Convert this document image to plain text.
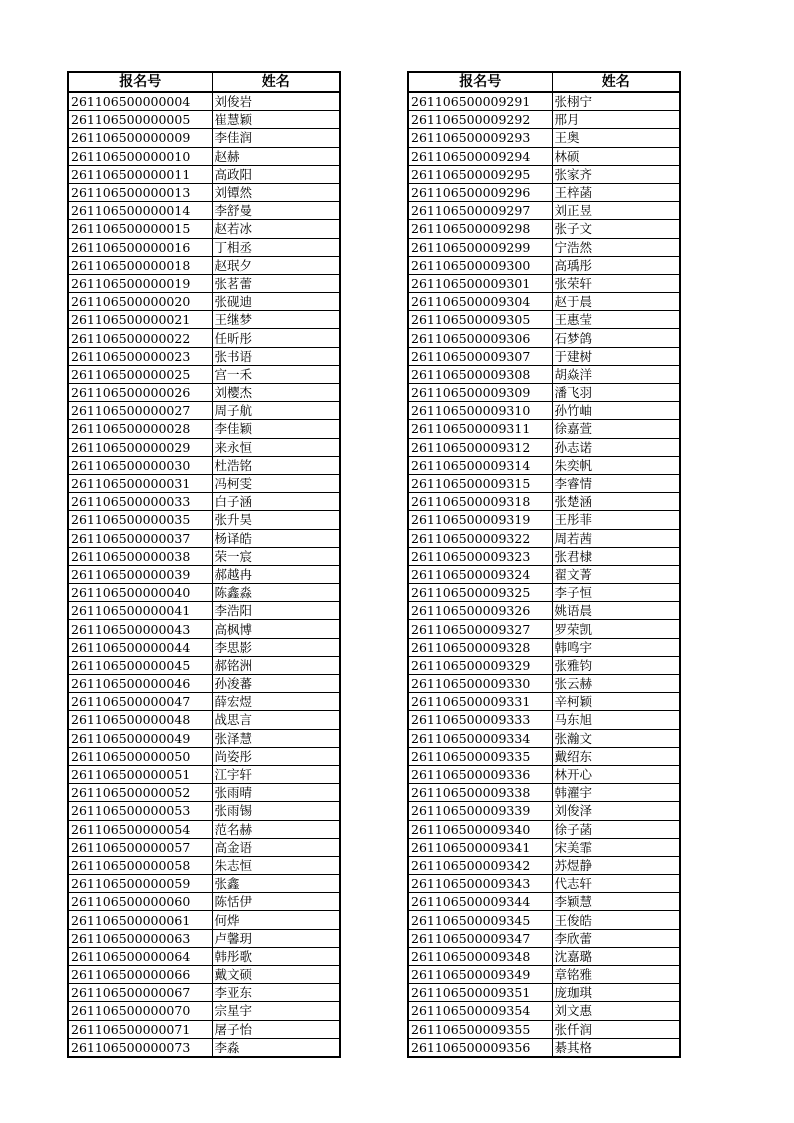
报名号	姓名
261106500000004	刘俊岩
261106500000005	崔慧颖
261106500000009	李佳润
261106500000010	赵赫
261106500000011	高政阳
261106500000013	刘镡然
261106500000014	李舒曼
261106500000015	赵若冰
261106500000016	丁相丞
261106500000018	赵珉夕
261106500000019	张茗蕾
261106500000020	张砚迪
261106500000021	王继梦
261106500000022	任昕彤
261106500000023	张书语
261106500000025	宫一禾
261106500000026	刘樱杰
261106500000027	周子航
261106500000028	李佳颖
261106500000029	来永恒
261106500000030	杜浩铭
261106500000031	冯柯雯
261106500000033	白子涵
261106500000035	张升昊
261106500000037	杨译皓
261106500000038	荣一宸
261106500000039	郝越冉
261106500000040	陈鑫淼
261106500000041	李浩阳
261106500000043	高枫博
261106500000044	李思影
261106500000045	郝铭洲
261106500000046	孙浚蕃
261106500000047	薛宏煜
261106500000048	战思言
261106500000049	张泽慧
261106500000050	尚姿彤
261106500000051	江宇轩
261106500000052	张雨晴
261106500000053	张雨锡
261106500000054	范名赫
261106500000057	高金语
261106500000058	朱志恒
261106500000059	张鑫
261106500000060	陈恬伊
261106500000061	何烨
261106500000063	卢馨玥
261106500000064	韩彤歌
261106500000066	戴文硕
261106500000067	李亚东
261106500000070	宗星宇
261106500000071	屠子怡
261106500000073	李淼
报名号	姓名
261106500009291	张栩宁
261106500009292	邢月
261106500009293	王奥
261106500009294	林硕
261106500009295	张家齐
261106500009296	王梓菡
261106500009297	刘正昱
261106500009298	张子文
261106500009299	宁浩然
261106500009300	高瑀彤
261106500009301	张荣轩
261106500009304	赵于晨
261106500009305	王惠莹
261106500009306	石梦鸽
261106500009307	于建树
261106500009308	胡焱洋
261106500009309	潘飞羽
261106500009310	孙竹岫
261106500009311	徐嘉萱
261106500009312	孙志诺
261106500009314	朱奕帆
261106500009315	李睿情
261106500009318	张楚涵
261106500009319	王彤菲
261106500009322	周若茜
261106500009323	张君棣
261106500009324	翟文菁
261106500009325	李子恒
261106500009326	姚语晨
261106500009327	罗荣凯
261106500009328	韩鸣宇
261106500009329	张雅钧
261106500009330	张云赫
261106500009331	辛柯颖
261106500009333	马东旭
261106500009334	张瀚文
261106500009335	戴绍东
261106500009336	林开心
261106500009338	韩濯宇
261106500009339	刘俊泽
261106500009340	徐子菡
261106500009341	宋美霏
261106500009342	苏煜静
261106500009343	代志轩
261106500009344	李颖慧
261106500009345	王俊皓
261106500009347	李欣蕾
261106500009348	沈嘉璐
261106500009349	章铭雅
261106500009351	庞珈琪
261106500009354	刘文惠
261106500009355	张仟润
261106500009356	綦其格
